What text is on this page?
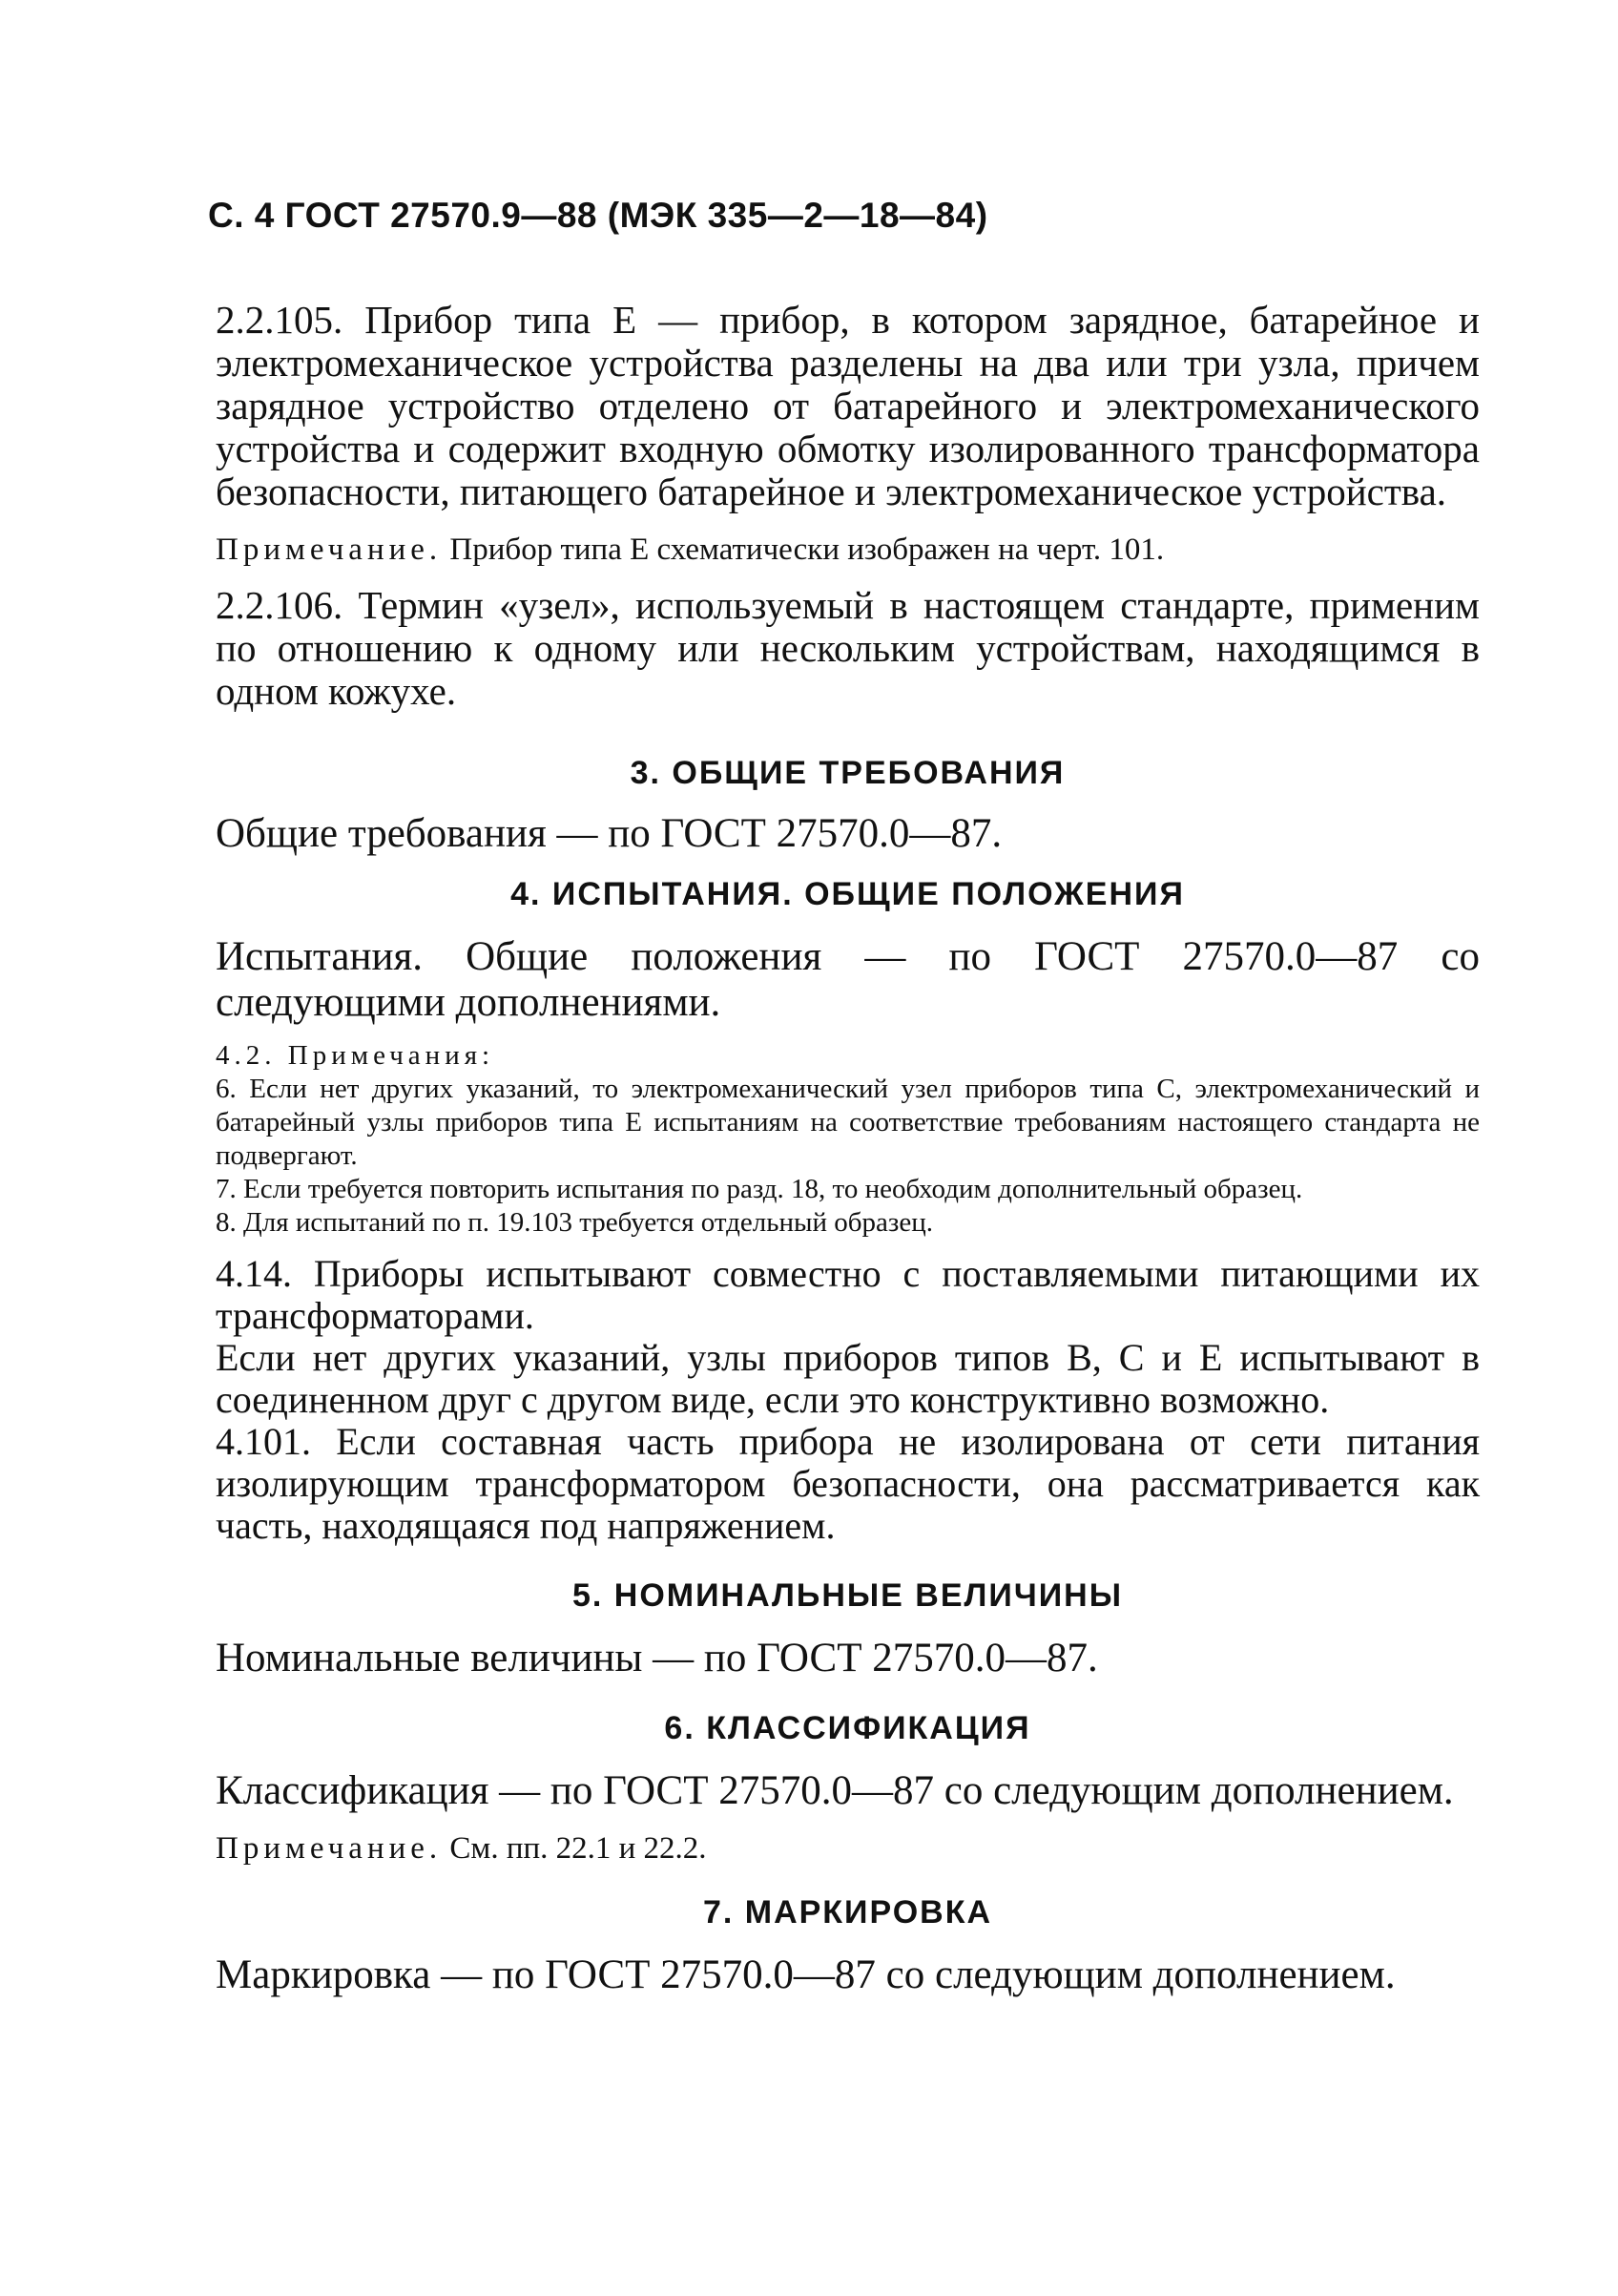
С. 4 ГОСТ 27570.9—88 (МЭК 335—2—18—84)

2.2.105. Прибор типа Е — прибор, в котором зарядное, батарейное и электромеханическое устройства разделены на два или три узла, причем зарядное устройство отделено от батарейного и электромеханического устройства и содержит входную обмотку изолированного трансформатора безопасности, питающего батарейное и электромеханическое устройства.

Примечание. Прибор типа Е схематически изображен на черт. 101.

2.2.106. Термин «узел», используемый в настоящем стандарте, применим по отношению к одному или нескольким устройствам, находящимся в одном кожухе.

3. ОБЩИЕ ТРЕБОВАНИЯ

Общие требования — по ГОСТ 27570.0—87.

4. ИСПЫТАНИЯ. ОБЩИЕ ПОЛОЖЕНИЯ

Испытания. Общие положения — по ГОСТ 27570.0—87 со следующими дополнениями.

4.2. Примечания:

6. Если нет других указаний, то электромеханический узел приборов типа С, электромеханический и батарейный узлы приборов типа Е испытаниям на соответствие требованиям настоящего стандарта не подвергают.

7. Если требуется повторить испытания по разд. 18, то необходим дополнительный образец.

8. Для испытаний по п. 19.103 требуется отдельный образец.

4.14. Приборы испытывают совместно с поставляемыми питающими их трансформаторами.

Если нет других указаний, узлы приборов типов В, С и Е испытывают в соединенном друг с другом виде, если это конструктивно возможно.

4.101. Если составная часть прибора не изолирована от сети питания изолирующим трансформатором безопасности, она рассматривается как часть, находящаяся под напряжением.

5. НОМИНАЛЬНЫЕ ВЕЛИЧИНЫ

Номинальные величины — по ГОСТ 27570.0—87.

6. КЛАССИФИКАЦИЯ

Классификация — по ГОСТ 27570.0—87 со следующим дополнением.

Примечание. См. пп. 22.1 и 22.2.

7. МАРКИРОВКА

Маркировка — по ГОСТ 27570.0—87 со следующим дополнением.
